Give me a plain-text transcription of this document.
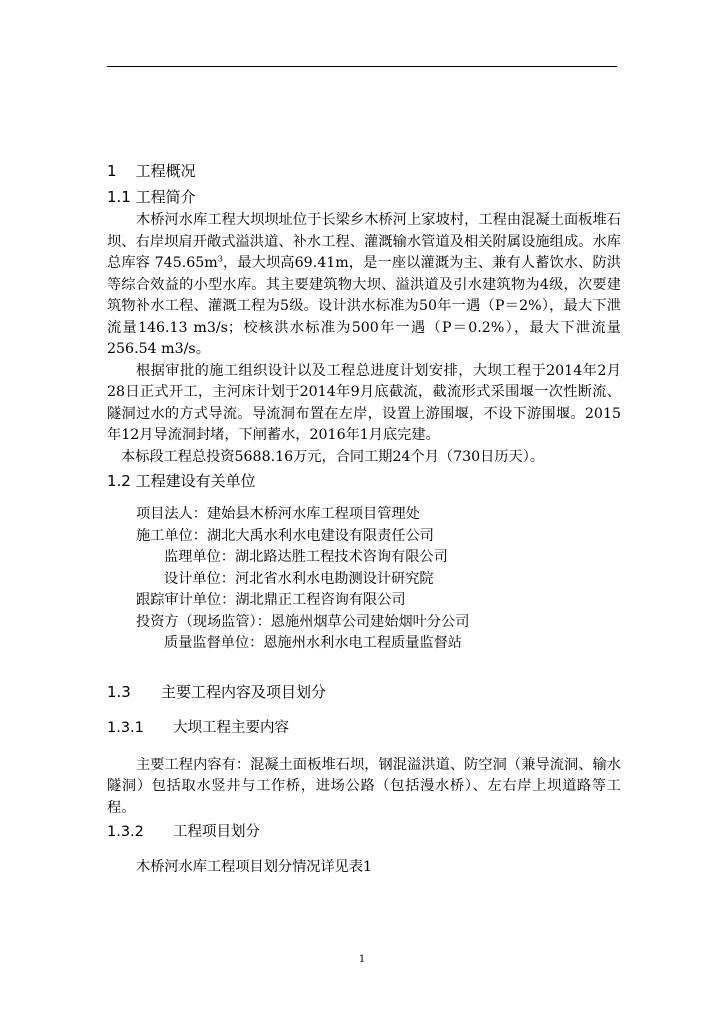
1 工程概况

1.1 工程简介

木桥河水库工程大坝坝址位于长梁乡木桥河上家坡村，工程由混凝土面板堆石坝、右岸坝肩开敞式溢洪道、补水工程、灌溉输水管道及相关附属设施组成。水库总库容 $745.65m^3$，最大坝高69.41m，是一座以灌溉为主、兼有人蓄饮水、防洪等综合效益的小型水库。其主要建筑物大坝、溢洪道及引水建筑物为4级，次要建筑物补水工程、灌溉工程为5级。设计洪水标准为50年一遇（P＝2%），最大下泄流量146.13 m3/s；校核洪水标准为500年一遇（P＝0.2%），最大下泄流量256.54 m3/s。

根据审批的施工组织设计以及工程总进度计划安排，大坝工程于2014年2月28日正式开工，主河床计划于2014年9月底截流，截流形式采围堰一次性断流、隧洞过水的方式导流。导流洞布置在左岸，设置上游围堰，不设下游围堰。2015年12月导流洞封堵，下闸蓄水，2016年1月底完建。

本标段工程总投资5688.16万元，合同工期24个月（730日历天）。

1.2 工程建设有关单位

项目法人：建始县木桥河水库工程项目管理处
施工单位：湖北大禹水利水电建设有限责任公司
监理单位：湖北路达胜工程技术咨询有限公司
设计单位：河北省水利水电勘测设计研究院
跟踪审计单位：湖北鼎正工程咨询有限公司
投资方（现场监管）：恩施州烟草公司建始烟叶分公司
质量监督单位：恩施州水利水电工程质量监督站

1.3 主要工程内容及项目划分

1.3.1 大坝工程主要内容

主要工程内容有：混凝土面板堆石坝，钢混溢洪道、防空洞（兼导流洞、输水隧洞）包括取水竖井与工作桥，进场公路（包括漫水桥）、左右岸上坝道路等工程。

1.3.2 工程项目划分

木桥河水库工程项目划分情况详见表1

1
